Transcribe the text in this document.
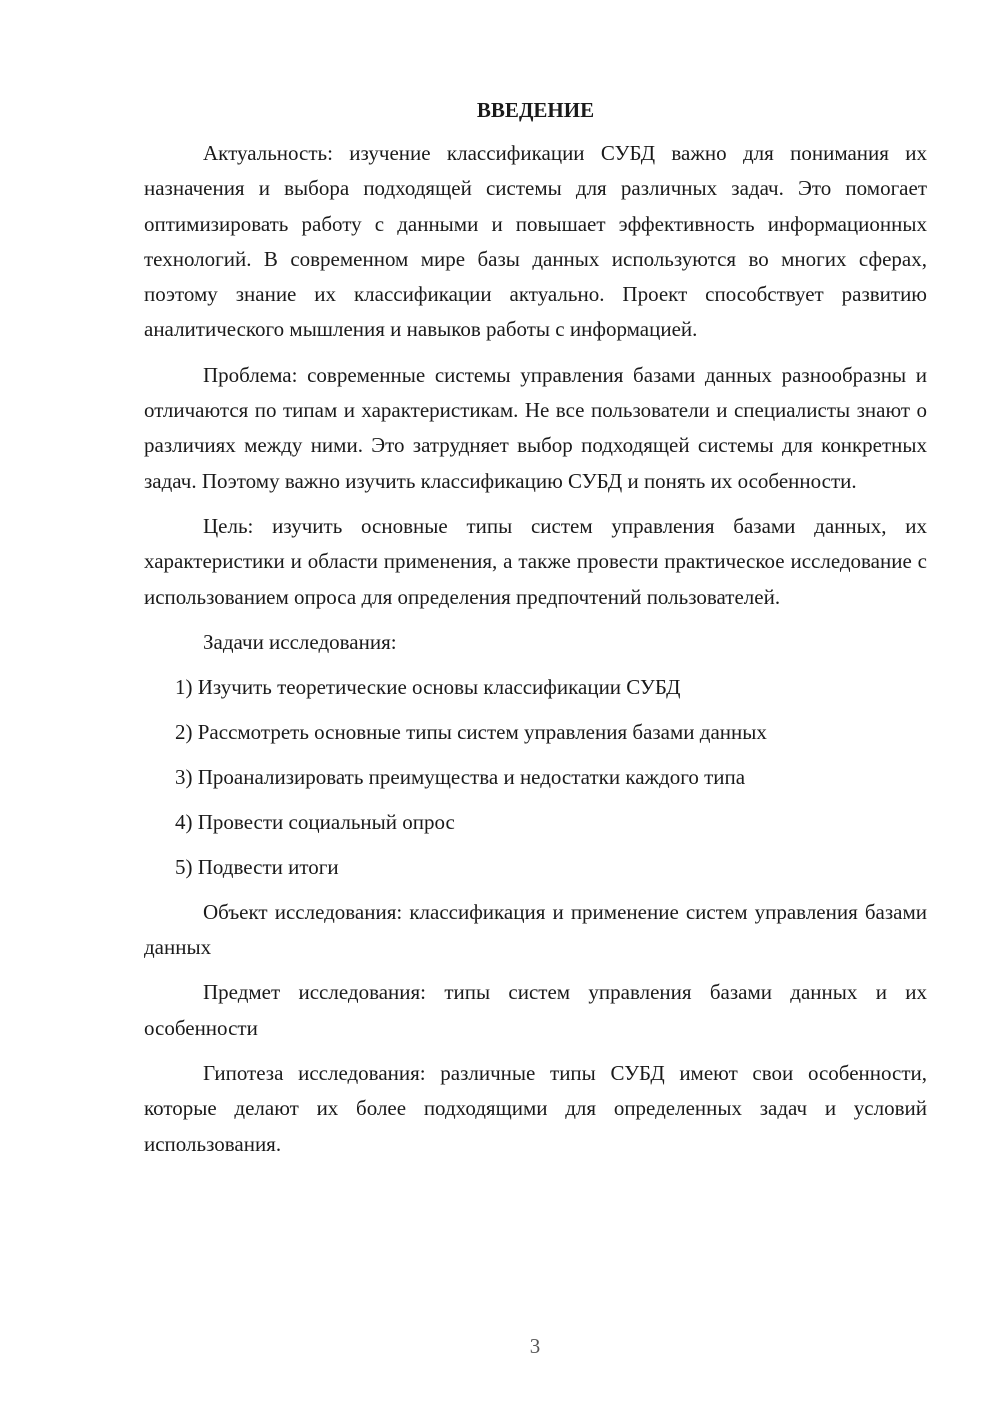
ВВЕДЕНИЕ

Актуальность: изучение классификации СУБД важно для понимания их назначения и выбора подходящей системы для различных задач. Это помогает оптимизировать работу с данными и повышает эффективность информационных технологий. В современном мире базы данных используются во многих сферах, поэтому знание их классификации актуально. Проект способствует развитию аналитического мышления и навыков работы с информацией.

Проблема: современные системы управления базами данных разнообразны и отличаются по типам и характеристикам. Не все пользователи и специалисты знают о различиях между ними. Это затрудняет выбор подходящей системы для конкретных задач. Поэтому важно изучить классификацию СУБД и понять их особенности.

Цель: изучить основные типы систем управления базами данных, их характеристики и области применения, а также провести практическое исследование с использованием опроса для определения предпочтений пользователей.

Задачи исследования:

1) Изучить теоретические основы классификации СУБД
2) Рассмотреть основные типы систем управления базами данных
3) Проанализировать преимущества и недостатки каждого типа
4) Провести социальный опрос
5) Подвести итоги

Объект исследования: классификация и применение систем управления базами данных

Предмет исследования: типы систем управления базами данных и их особенности

Гипотеза исследования: различные типы СУБД имеют свои особенности, которые делают их более подходящими для определенных задач и условий использования.

3
